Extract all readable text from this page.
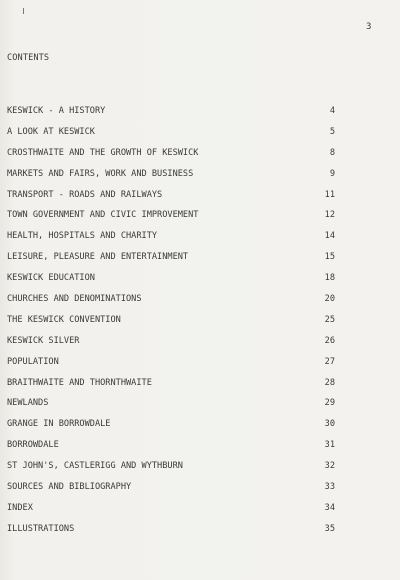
3
CONTENTS
KESWICK - A HISTORY	4
A LOOK AT KESWICK	5
CROSTHWAITE AND THE GROWTH OF KESWICK	8
MARKETS AND FAIRS, WORK AND BUSINESS	9
TRANSPORT - ROADS AND RAILWAYS	11
TOWN GOVERNMENT AND CIVIC IMPROVEMENT	12
HEALTH, HOSPITALS AND CHARITY	14
LEISURE, PLEASURE AND ENTERTAINMENT	15
KESWICK EDUCATION	18
CHURCHES AND DENOMINATIONS	20
THE KESWICK CONVENTION	25
KESWICK SILVER	26
POPULATION	27
BRAITHWAITE AND THORNTHWAITE	28
NEWLANDS	29
GRANGE IN BORROWDALE	30
BORROWDALE	31
ST JOHN'S, CASTLERIGG AND WYTHBURN	32
SOURCES AND BIBLIOGRAPHY	33
INDEX	34
ILLUSTRATIONS	35
